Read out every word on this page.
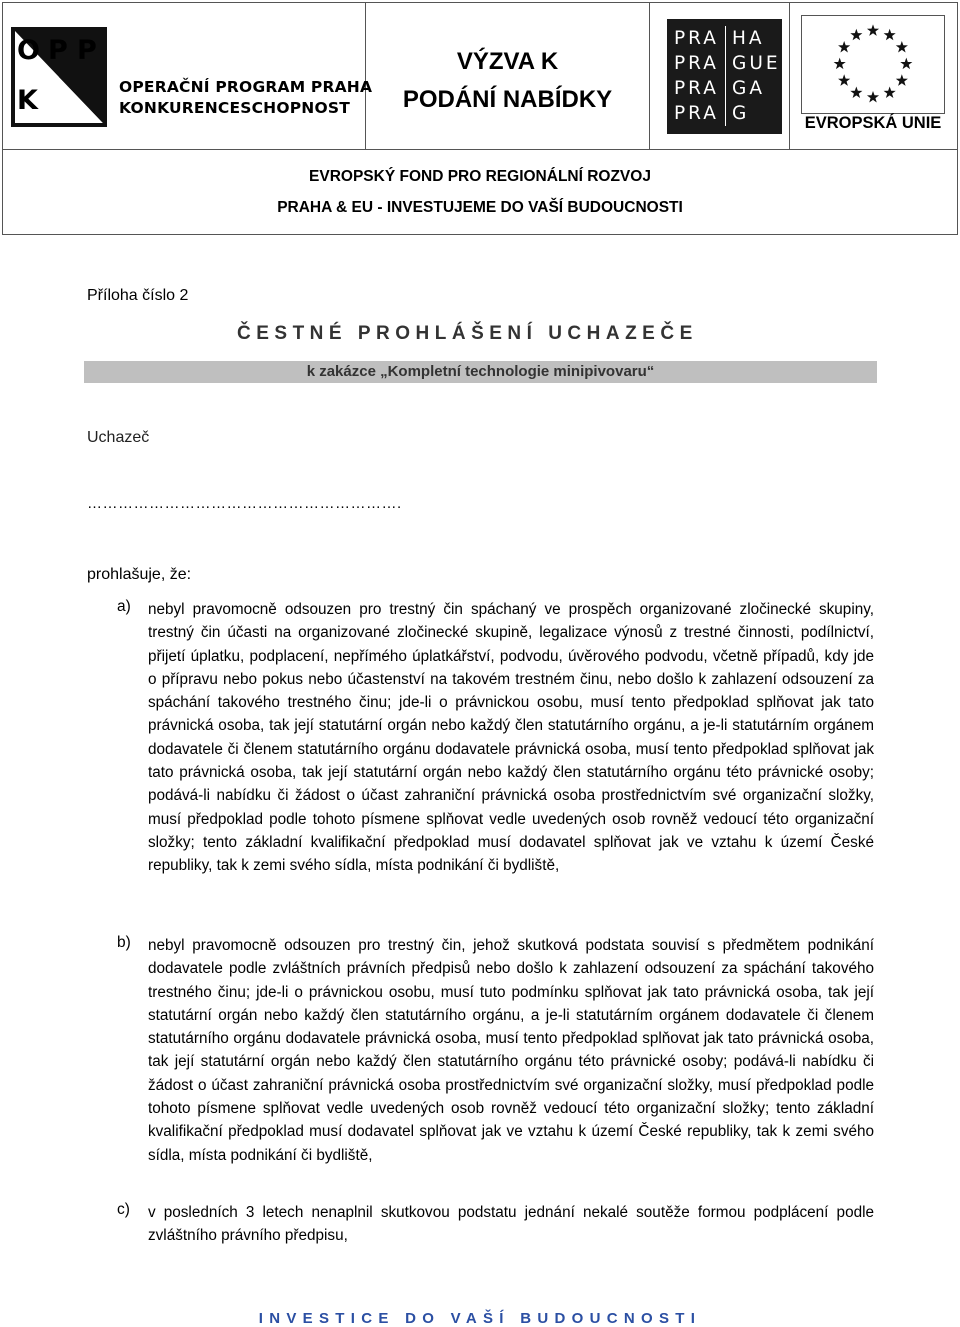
O P P
K	OPERAČNÍ PROGRAM PRAHA
KONKURENCESCHOPNOST
VÝZVA K
PODÁNÍ NABÍDKY
PRA HA
PRA GUE
PRA GA
PRA G	EVROPSKÁ UNIE
EVROPSKÝ FOND PRO REGIONÁLNÍ ROZVOJ
PRAHA & EU - INVESTUJEME DO VAŠÍ BUDOUCNOSTI
Příloha číslo 2
ČESTNÉ PROHLÁŠENÍ UCHAZEČE
k zakázce „Kompletní technologie minipivovaru“
Uchazeč
…………………………………………………….
prohlašuje, že:
a) nebyl pravomocně odsouzen pro trestný čin spáchaný ve prospěch organizované zločinecké skupiny, trestný čin účasti na organizované zločinecké skupině, legalizace výnosů z trestné činnosti, podílnictví, přijetí úplatku, podplacení, nepřímého úplatkářství, podvodu, úvěrového podvodu, včetně případů, kdy jde o přípravu nebo pokus nebo účastenství na takovém trestném činu, nebo došlo k zahlazení odsouzení za spáchání takového trestného činu; jde-li o právnickou osobu, musí tento předpoklad splňovat jak tato právnická osoba, tak její statutární orgán nebo každý člen statutárního orgánu, a je-li statutárním orgánem dodavatele či členem statutárního orgánu dodavatele právnická osoba, musí tento předpoklad splňovat jak tato právnická osoba, tak její statutární orgán nebo každý člen statutárního orgánu této právnické osoby; podává-li nabídku či žádost o účast zahraniční právnická osoba prostřednictvím své organizační složky, musí předpoklad podle tohoto písmene splňovat vedle uvedených osob rovněž vedoucí této organizační složky; tento základní kvalifikační předpoklad musí dodavatel splňovat jak ve vztahu k území České republiky, tak k zemi svého sídla, místa podnikání či bydliště,
b) nebyl pravomocně odsouzen pro trestný čin, jehož skutková podstata souvisí s předmětem podnikání dodavatele podle zvláštních právních předpisů nebo došlo k zahlazení odsouzení za spáchání takového trestného činu; jde-li o právnickou osobu, musí tuto podmínku splňovat jak tato právnická osoba, tak její statutární orgán nebo každý člen statutárního orgánu, a je-li statutárním orgánem dodavatele či členem statutárního orgánu dodavatele právnická osoba, musí tento předpoklad splňovat jak tato právnická osoba, tak její statutární orgán nebo každý člen statutárního orgánu této právnické osoby; podává-li nabídku či žádost o účast zahraniční právnická osoba prostřednictvím své organizační složky, musí předpoklad podle tohoto písmene splňovat vedle uvedených osob rovněž vedoucí této organizační složky; tento základní kvalifikační předpoklad musí dodavatel splňovat jak ve vztahu k území České republiky, tak k zemi svého sídla, místa podnikání či bydliště,
c) v posledních 3 letech nenaplnil skutkovou podstatu jednání nekalé soutěže formou podplácení podle zvláštního právního předpisu,
INVESTICE DO VAŠÍ BUDOUCNOSTI
